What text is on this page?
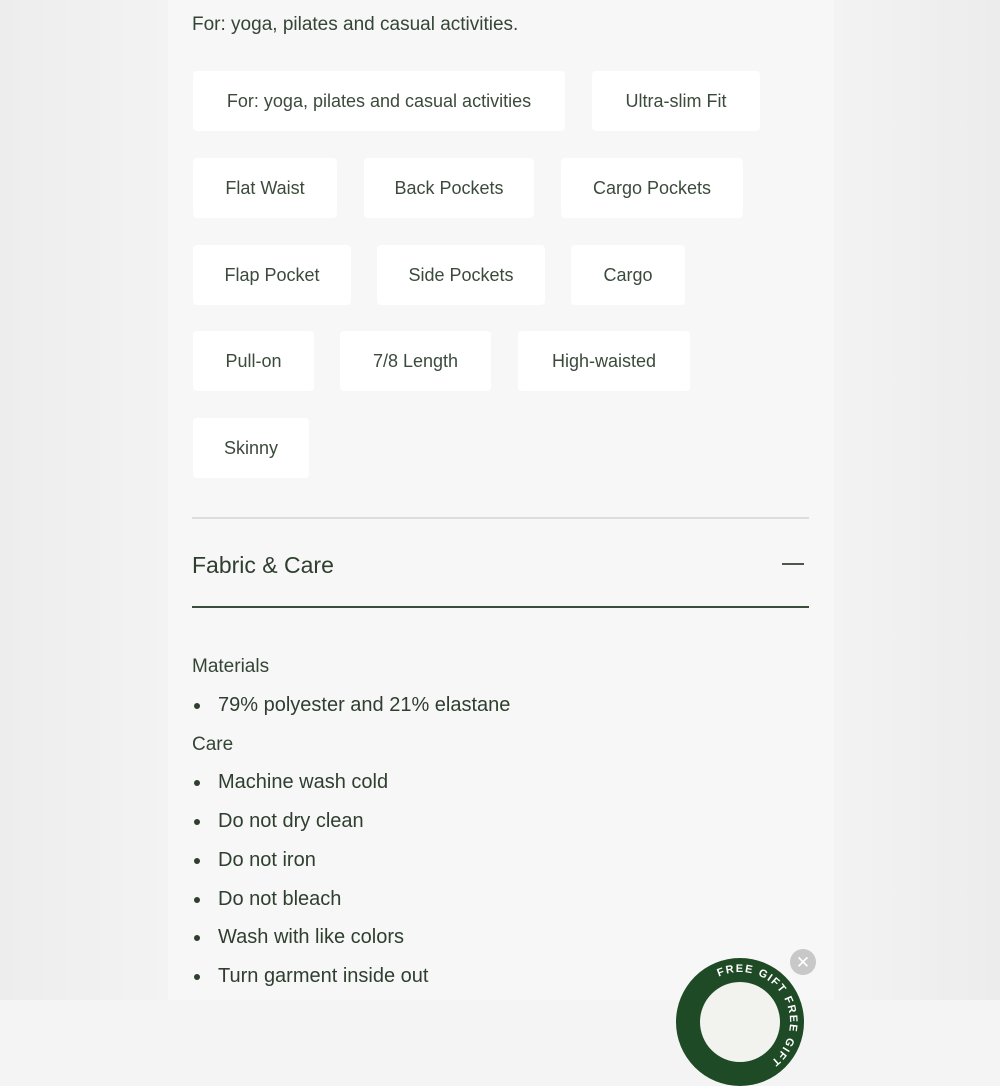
For: yoga, pilates and casual activities.
For: yoga, pilates and casual activities	Ultra-slim Fit
Flat Waist	Back Pockets	Cargo Pockets
Flap Pocket	Side Pockets	Cargo
Pull-on	7/8 Length	High-waisted
Skinny
Fabric & Care
Materials
79% polyester and 21% elastane
Care
Machine wash cold
Do not dry clean
Do not iron
Do not bleach
Wash with like colors
Turn garment inside out	FREE GIFT FREE GIFT
✕
